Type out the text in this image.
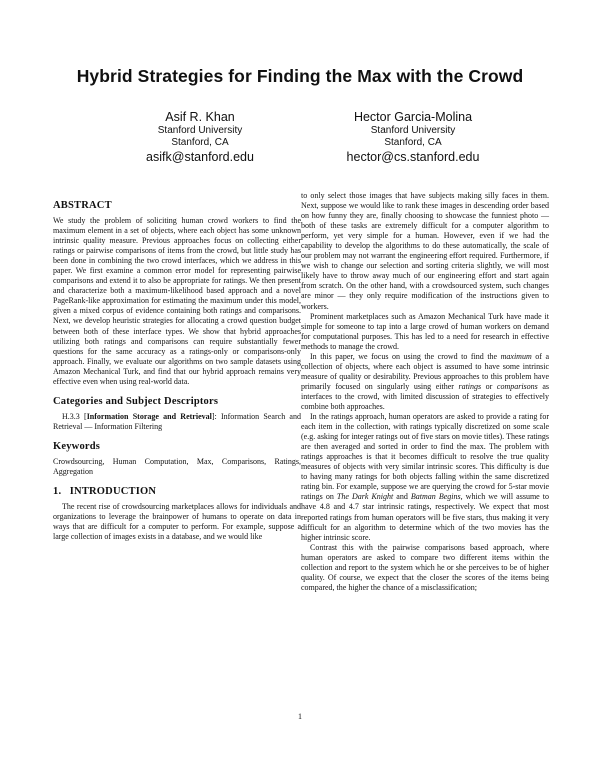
Hybrid Strategies for Finding the Max with the Crowd
Asif R. Khan
Stanford University
Stanford, CA
asifk@stanford.edu
Hector Garcia-Molina
Stanford University
Stanford, CA
hector@cs.stanford.edu
ABSTRACT

We study the problem of soliciting human crowd workers to find the maximum element in a set of objects, where each object has some unknown intrinsic quality measure. Previous approaches focus on collecting either ratings or pairwise comparisons of items from the crowd, but little study has been done in combining the two crowd interfaces, which we address in this paper. We first examine a common error model for representing pairwise comparisons and extend it to also be appropriate for ratings. We then present and characterize both a maximum-likelihood based approach and a novel PageRank-like approximation for estimating the maximum under this model, given a mixed corpus of evidence containing both ratings and comparisons. Next, we develop heuristic strategies for allocating a crowd question budget between both of these interface types. We show that hybrid approaches utilizing both ratings and comparisons can require substantially fewer questions for the same accuracy as a ratings-only or comparisons-only approach. Finally, we evaluate our algorithms on two sample datasets using Amazon Mechanical Turk, and find that our hybrid approach remains very effective even when using real-world data.

Categories and Subject Descriptors

H.3.3 [Information Storage and Retrieval]: Information Search and Retrieval — Information Filtering

Keywords

Crowdsourcing, Human Computation, Max, Comparisons, Ratings, Aggregation

1.   INTRODUCTION

The recent rise of crowdsourcing marketplaces allows for individuals and organizations to leverage the brainpower of humans to operate on data in ways that are difficult for a computer to perform. For example, suppose a large collection of images exists in a database, and we would like

to only select those images that have subjects making silly faces in them. Next, suppose we would like to rank these images in descending order based on how funny they are, finally choosing to showcase the funniest photo — both of these tasks are extremely difficult for a computer algorithm to perform, yet very simple for a human. However, even if we had the capability to develop the algorithms to do these automatically, the scale of our problem may not warrant the engineering effort required. Furthermore, if we wish to change our selection and sorting criteria slightly, we will most likely have to throw away much of our engineering effort and start again from scratch. On the other hand, with a crowdsourced system, such changes are minor — they only require modification of the instructions given to workers.

Prominent marketplaces such as Amazon Mechanical Turk have made it simple for someone to tap into a large crowd of human workers on demand for computational purposes. This has led to a need for research in effective methods to manage the crowd.

In this paper, we focus on using the crowd to find the maximum of a collection of objects, where each object is assumed to have some intrinsic measure of quality or desirability. Previous approaches to this problem have primarily focused on singularly using either ratings or comparisons as interfaces to the crowd, with limited discussion of strategies to effectively combine both approaches.

In the ratings approach, human operators are asked to provide a rating for each item in the collection, with ratings typically discretized on some scale (e.g. asking for integer ratings out of five stars on movie titles). These ratings are then averaged and sorted in order to find the max. The problem with ratings approaches is that it becomes difficult to resolve the true quality measures of objects with very similar intrinsic scores. This difficulty is due to having many ratings for both objects falling within the same discretized rating bin. For example, suppose we are querying the crowd for 5-star movie ratings on The Dark Knight and Batman Begins, which we will assume to have 4.8 and 4.7 star intrinsic ratings, respectively. We expect that most reported ratings from human operators will be five stars, thus making it very difficult for an algorithm to determine which of the two movies has the higher intrinsic score.

Contrast this with the pairwise comparisons based approach, where human operators are asked to compare two different items within the collection and report to the system which he or she perceives to be of higher quality. Of course, we expect that the closer the scores of the items being compared, the higher the chance of a misclassification;

1
